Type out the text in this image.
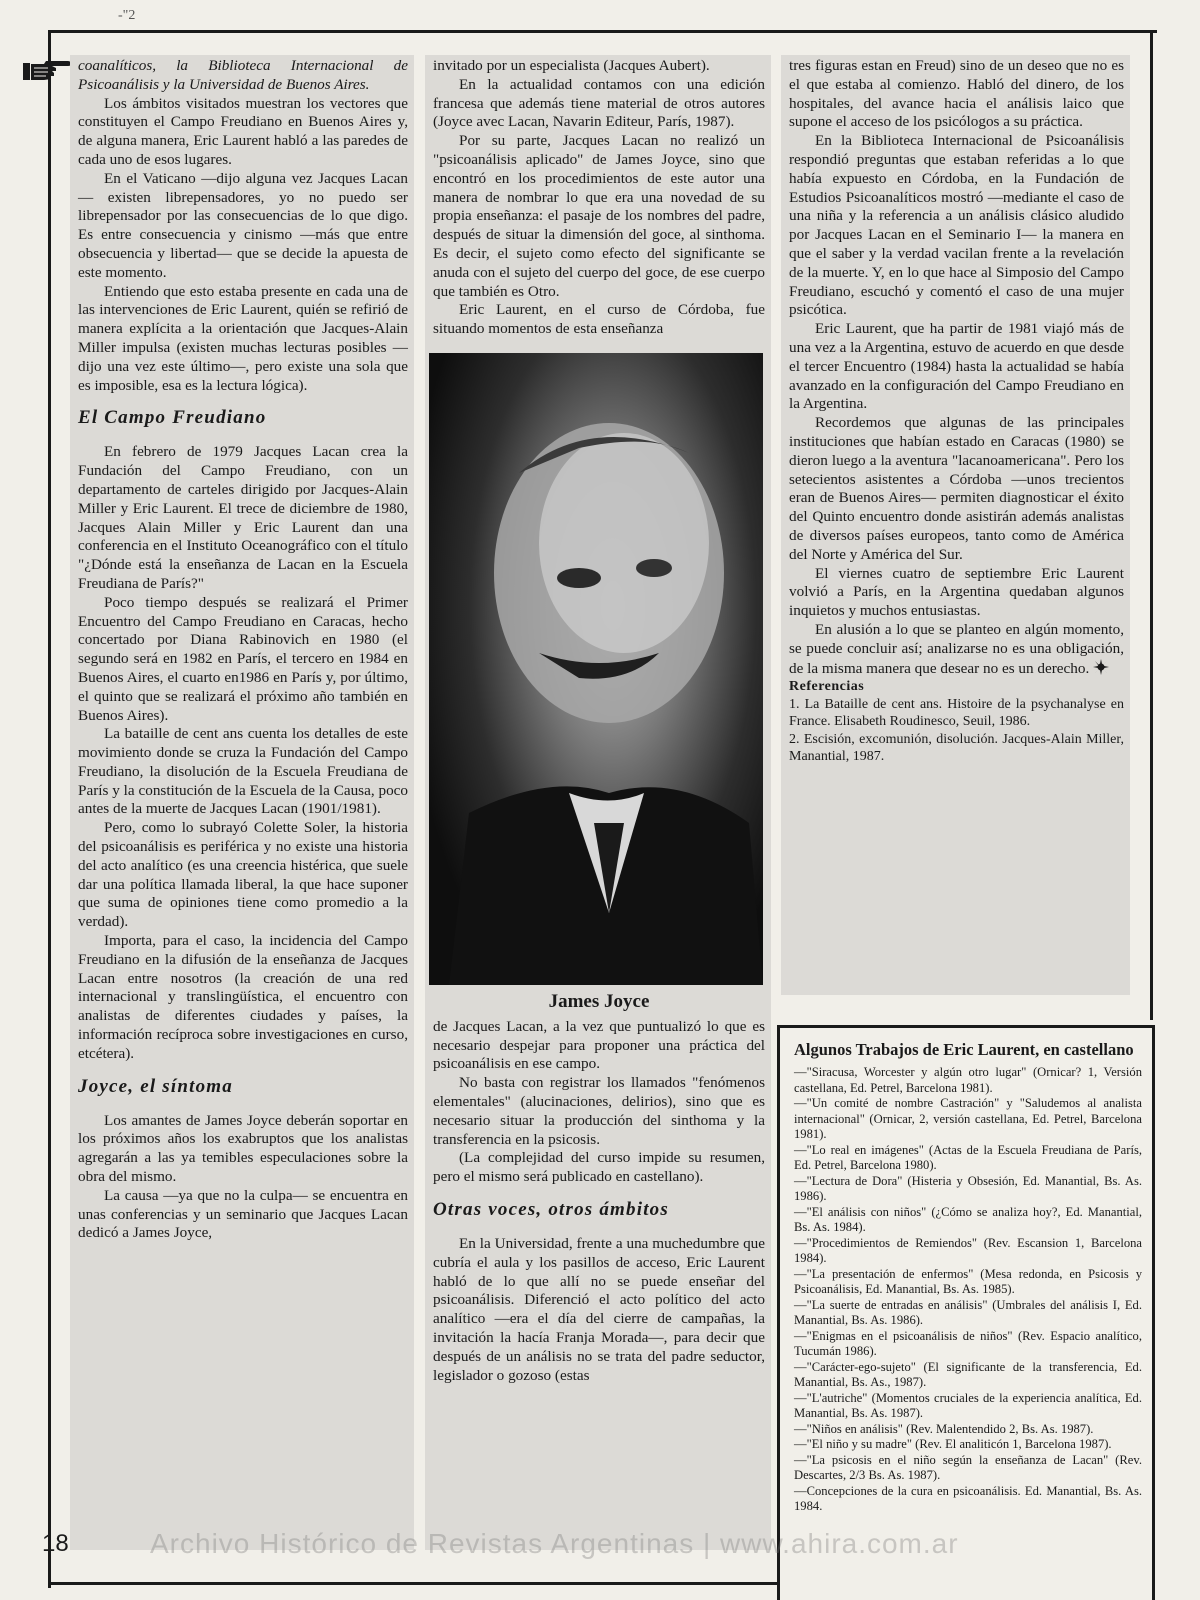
-"2

coanalíticos, la Biblioteca Internacional de Psicoanálisis y la Universidad de Buenos Aires.

Los ámbitos visitados muestran los vectores que constituyen el Campo Freudiano en Buenos Aires y, de alguna manera, Eric Laurent habló a las paredes de cada uno de esos lugares.

En el Vaticano —dijo alguna vez Jacques Lacan— existen librepensadores, yo no puedo ser librepensador por las consecuencias de lo que digo. Es entre consecuencia y cinismo —más que entre obsecuencia y libertad— que se decide la apuesta de este momento.

Entiendo que esto estaba presente en cada una de las intervenciones de Eric Laurent, quién se refirió de manera explícita a la orientación que Jacques-Alain Miller impulsa (existen muchas lecturas posibles —dijo una vez este último—, pero existe una sola que es imposible, esa es la lectura lógica).

El Campo Freudiano

En febrero de 1979 Jacques Lacan crea la Fundación del Campo Freudiano, con un departamento de carteles dirigido por Jacques-Alain Miller y Eric Laurent. El trece de diciembre de 1980, Jacques Alain Miller y Eric Laurent dan una conferencia en el Instituto Oceanográfico con el título "¿Dónde está la enseñanza de Lacan en la Escuela Freudiana de París?"

Poco tiempo después se realizará el Primer Encuentro del Campo Freudiano en Caracas, hecho concertado por Diana Rabinovich en 1980 (el segundo será en 1982 en París, el tercero en 1984 en Buenos Aires, el cuarto en1986 en París y, por último, el quinto que se realizará el próximo año también en Buenos Aires).

La bataille de cent ans cuenta los detalles de este movimiento donde se cruza la Fundación del Campo Freudiano, la disolución de la Escuela Freudiana de París y la constitución de la Escuela de la Causa, poco antes de la muerte de Jacques Lacan (1901/1981).

Pero, como lo subrayó Colette Soler, la historia del psicoanálisis es periférica y no existe una historia del acto analítico (es una creencia histérica, que suele dar una política llamada liberal, la que hace suponer que suma de opiniones tiene como promedio a la verdad).

Importa, para el caso, la incidencia del Campo Freudiano en la difusión de la enseñanza de Jacques Lacan entre nosotros (la creación de una red internacional y translingüística, el encuentro con analistas de diferentes ciudades y países, la información recíproca sobre investigaciones en curso, etcétera).

Joyce, el síntoma

Los amantes de James Joyce deberán soportar en los próximos años los exabruptos que los analistas agregarán a las ya temibles especulaciones sobre la obra del mismo.

La causa —ya que no la culpa— se encuentra en unas conferencias y un seminario que Jacques Lacan dedicó a James Joyce,

invitado por un especialista (Jacques Aubert).

En la actualidad contamos con una edición francesa que además tiene material de otros autores (Joyce avec Lacan, Navarin Editeur, París, 1987).

Por su parte, Jacques Lacan no realizó un "psicoanálisis aplicado" de James Joyce, sino que encontró en los procedimientos de este autor una manera de nombrar lo que era una novedad de su propia enseñanza: el pasaje de los nombres del padre, después de situar la dimensión del goce, al sinthoma. Es decir, el sujeto como efecto del significante se anuda con el sujeto del cuerpo del goce, de ese cuerpo que también es Otro.

Eric Laurent, en el curso de Córdoba, fue situando momentos de esta enseñanza

James Joyce

de Jacques Lacan, a la vez que puntualizó lo que es necesario despejar para proponer una práctica del psicoanálisis en ese campo.

No basta con registrar los llamados "fenómenos elementales" (alucinaciones, delirios), sino que es necesario situar la producción del sinthoma y la transferencia en la psicosis.

(La complejidad del curso impide su resumen, pero el mismo será publicado en castellano).

Otras voces, otros ámbitos

En la Universidad, frente a una muchedumbre que cubría el aula y los pasillos de acceso, Eric Laurent habló de lo que allí no se puede enseñar del psicoanálisis. Diferenció el acto político del acto analítico —era el día del cierre de campañas, la invitación la hacía Franja Morada—, para decir que después de un análisis no se trata del padre seductor, legislador o gozoso (estas

tres figuras estan en Freud) sino de un deseo que no es el que estaba al comienzo. Habló del dinero, de los hospitales, del avance hacia el análisis laico que supone el acceso de los psicólogos a su práctica.

En la Biblioteca Internacional de Psicoanálisis respondió preguntas que estaban referidas a lo que había expuesto en Córdoba, en la Fundación de Estudios Psicoanalíticos mostró —mediante el caso de una niña y la referencia a un análisis clásico aludido por Jacques Lacan en el Seminario I— la manera en que el saber y la verdad vacilan frente a la revelación de la muerte. Y, en lo que hace al Simposio del Campo Freudiano, escuchó y comentó el caso de una mujer psicótica.

Eric Laurent, que ha partir de 1981 viajó más de una vez a la Argentina, estuvo de acuerdo en que desde el tercer Encuentro (1984) hasta la actualidad se había avanzado en la configuración del Campo Freudiano en la Argentina.

Recordemos que algunas de las principales instituciones que habían estado en Caracas (1980) se dieron luego a la aventura "lacanoamericana". Pero los setecientos asistentes a Córdoba —unos trecientos eran de Buenos Aires— permiten diagnosticar el éxito del Quinto encuentro donde asistirán además analistas de diversos países europeos, tanto como de América del Norte y América del Sur.

El viernes cuatro de septiembre Eric Laurent volvió a París, en la Argentina quedaban algunos inquietos y muchos entusiastas.

En alusión a lo que se planteo en algún momento, se puede concluir así; analizarse no es una obligación, de la misma manera que desear no es un derecho.

Referencias

1. La Bataille de cent ans. Histoire de la psychanalyse en France. Elisabeth Roudinesco, Seuil, 1986.

2. Escisión, excomunión, disolución. Jacques-Alain Miller, Manantial, 1987.

Algunos Trabajos de Eric Laurent, en castellano

—"Siracusa, Worcester y algún otro lugar" (Ornicar? 1, Versión castellana, Ed. Petrel, Barcelona 1981).

—"Un comité de nombre Castración" y "Saludemos al analista internacional" (Ornicar, 2, versión castellana, Ed. Petrel, Barcelona 1981).

—"Lo real en imágenes" (Actas de la Escuela Freudiana de París, Ed. Petrel, Barcelona 1980).

—"Lectura de Dora" (Histeria y Obsesión, Ed. Manantial, Bs. As. 1986).

—"El análisis con niños" (¿Cómo se analiza hoy?, Ed. Manantial, Bs. As. 1984).

—"Procedimientos de Remiendos" (Rev. Escansion 1, Barcelona 1984).

—"La presentación de enfermos" (Mesa redonda, en Psicosis y Psicoanálisis, Ed. Manantial, Bs. As. 1985).

—"La suerte de entradas en análisis" (Umbrales del análisis I, Ed. Manantial, Bs. As. 1986).

—"Enigmas en el psicoanálisis de niños" (Rev. Espacio analítico, Tucumán 1986).

—"Carácter-ego-sujeto" (El significante de la transferencia, Ed. Manantial, Bs. As., 1987).

—"L'autriche" (Momentos cruciales de la experiencia analítica, Ed. Manantial, Bs. As. 1987).

—"Niños en análisis" (Rev. Malentendido 2, Bs. As. 1987).

—"El niño y su madre" (Rev. El analiticón 1, Barcelona 1987).

—"La psicosis en el niño según la enseñanza de Lacan" (Rev. Descartes, 2/3 Bs. As. 1987).

—Concepciones de la cura en psicoanálisis. Ed. Manantial, Bs. As. 1984.

18	Archivo Histórico de Revistas Argentinas | www.ahira.com.ar
